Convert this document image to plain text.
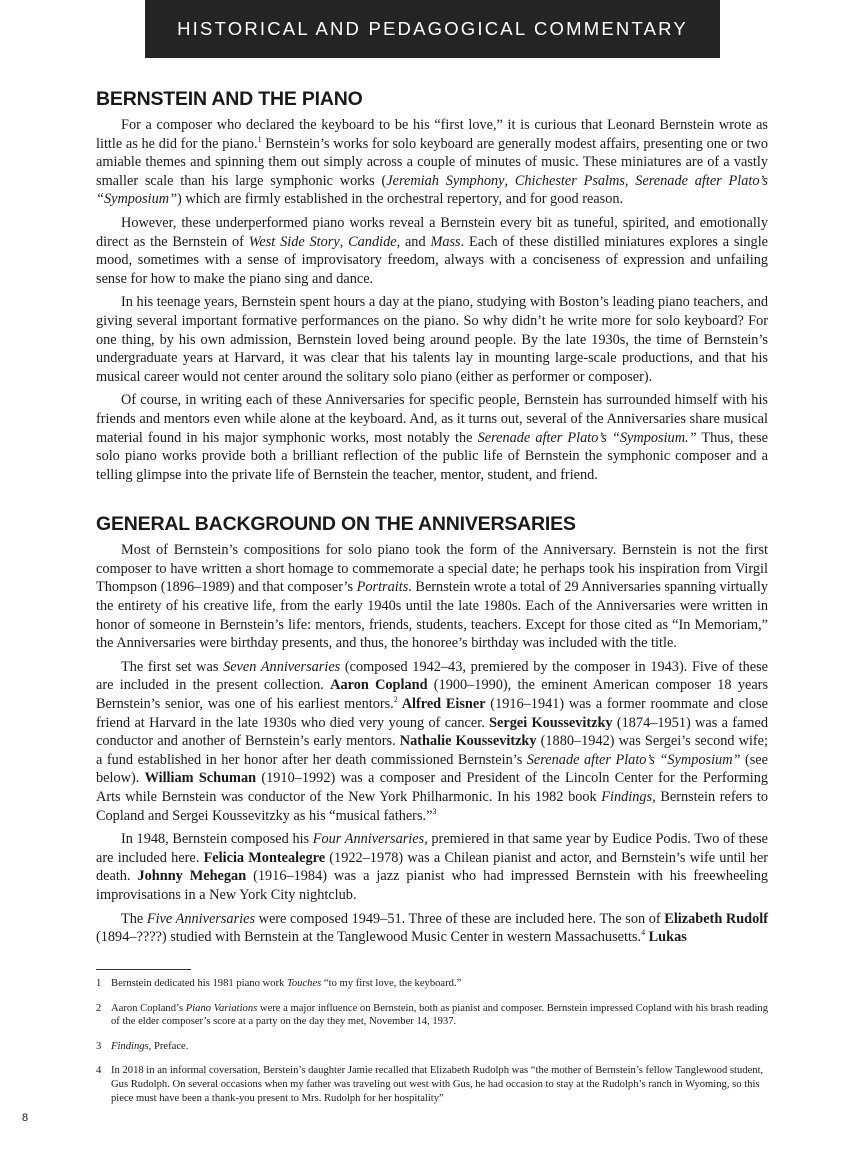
HISTORICAL AND PEDAGOGICAL COMMENTARY
BERNSTEIN AND THE PIANO

For a composer who declared the keyboard to be his “first love,” it is curious that Leonard Bernstein wrote as little as he did for the piano.$^1$ Bernstein’s works for solo keyboard are generally modest affairs, presenting one or two amiable themes and spinning them out simply across a couple of minutes of music. These miniatures are of a vastly smaller scale than his large symphonic works (Jeremiah Symphony, Chichester Psalms, Serenade after Plato’s “Symposium”) which are firmly established in the orchestral repertory, and for good reason.

However, these underperformed piano works reveal a Bernstein every bit as tuneful, spirited, and emotionally direct as the Bernstein of West Side Story, Candide, and Mass. Each of these distilled miniatures explores a single mood, sometimes with a sense of improvisatory freedom, always with a conciseness of expression and unfailing sense for how to make the piano sing and dance.

In his teenage years, Bernstein spent hours a day at the piano, studying with Boston’s leading piano teachers, and giving several important formative performances on the piano. So why didn’t he write more for solo keyboard? For one thing, by his own admission, Bernstein loved being around people. By the late 1930s, the time of Bernstein’s undergraduate years at Harvard, it was clear that his talents lay in mounting large-scale productions, and that his musical career would not center around the solitary solo piano (either as performer or composer).

Of course, in writing each of these Anniversaries for specific people, Bernstein has surrounded himself with his friends and mentors even while alone at the keyboard. And, as it turns out, several of the Anniversaries share musical material found in his major symphonic works, most notably the Serenade after Plato’s “Symposium.” Thus, these solo piano works provide both a brilliant reflection of the public life of Bernstein the symphonic composer and a telling glimpse into the private life of Bernstein the teacher, mentor, student, and friend.

GENERAL BACKGROUND ON THE ANNIVERSARIES

Most of Bernstein’s compositions for solo piano took the form of the Anniversary. Bernstein is not the first composer to have written a short homage to commemorate a special date; he perhaps took his inspiration from Virgil Thompson (1896–1989) and that composer’s Portraits. Bernstein wrote a total of 29 Anniversaries spanning virtually the entirety of his creative life, from the early 1940s until the late 1980s. Each of the Anniversaries were written in honor of someone in Bernstein’s life: mentors, friends, students, teachers. Except for those cited as “In Memoriam,” the Anniversaries were birthday presents, and thus, the honoree’s birthday was included with the title.

The first set was Seven Anniversaries (composed 1942–43, premiered by the composer in 1943). Five of these are included in the present collection. Aaron Copland (1900–1990), the eminent American composer 18 years Bernstein’s senior, was one of his earliest mentors.$^2$ Alfred Eisner (1916–1941) was a former roommate and close friend at Harvard in the late 1930s who died very young of cancer. Sergei Koussevitzky (1874–1951) was a famed conductor and another of Bernstein’s early mentors. Nathalie Koussevitzky (1880–1942) was Sergei’s second wife; a fund established in her honor after her death commissioned Bernstein’s Serenade after Plato’s “Symposium” (see below). William Schuman (1910–1992) was a composer and President of the Lincoln Center for the Performing Arts while Bernstein was conductor of the New York Philharmonic. In his 1982 book Findings, Bernstein refers to Copland and Sergei Koussevitzky as his “musical fathers.”$^3$

In 1948, Bernstein composed his Four Anniversaries, premiered in that same year by Eudice Podis. Two of these are included here. Felicia Montealegre (1922–1978) was a Chilean pianist and actor, and Bernstein’s wife until her death. Johnny Mehegan (1916–1984) was a jazz pianist who had impressed Bernstein with his freewheeling improvisations in a New York City nightclub.

The Five Anniversaries were composed 1949–51. Three of these are included here. The son of Elizabeth Rudolf (1894–????) studied with Bernstein at the Tanglewood Music Center in western Massachusetts.$^4$ Lukas

1 Bernstein dedicated his 1981 piano work Touches “to my first love, the keyboard.”
2 Aaron Copland’s Piano Variations were a major influence on Bernstein, both as pianist and composer. Bernstein impressed Copland with his brash reading of the elder composer’s score at a party on the day they met, November 14, 1937.
3 Findings, Preface.
4 In 2018 in an informal coversation, Berstein’s daughter Jamie recalled that Elizabeth Rudolph was “the mother of Bernstein’s fellow Tanglewood student, Gus Rudolph. On several occasions when my father was traveling out west with Gus, he had occasion to stay at the Rudolph’s ranch in Wyoming, so this piece must have been a thank-you present to Mrs. Rudolph for her hospitality”
8
